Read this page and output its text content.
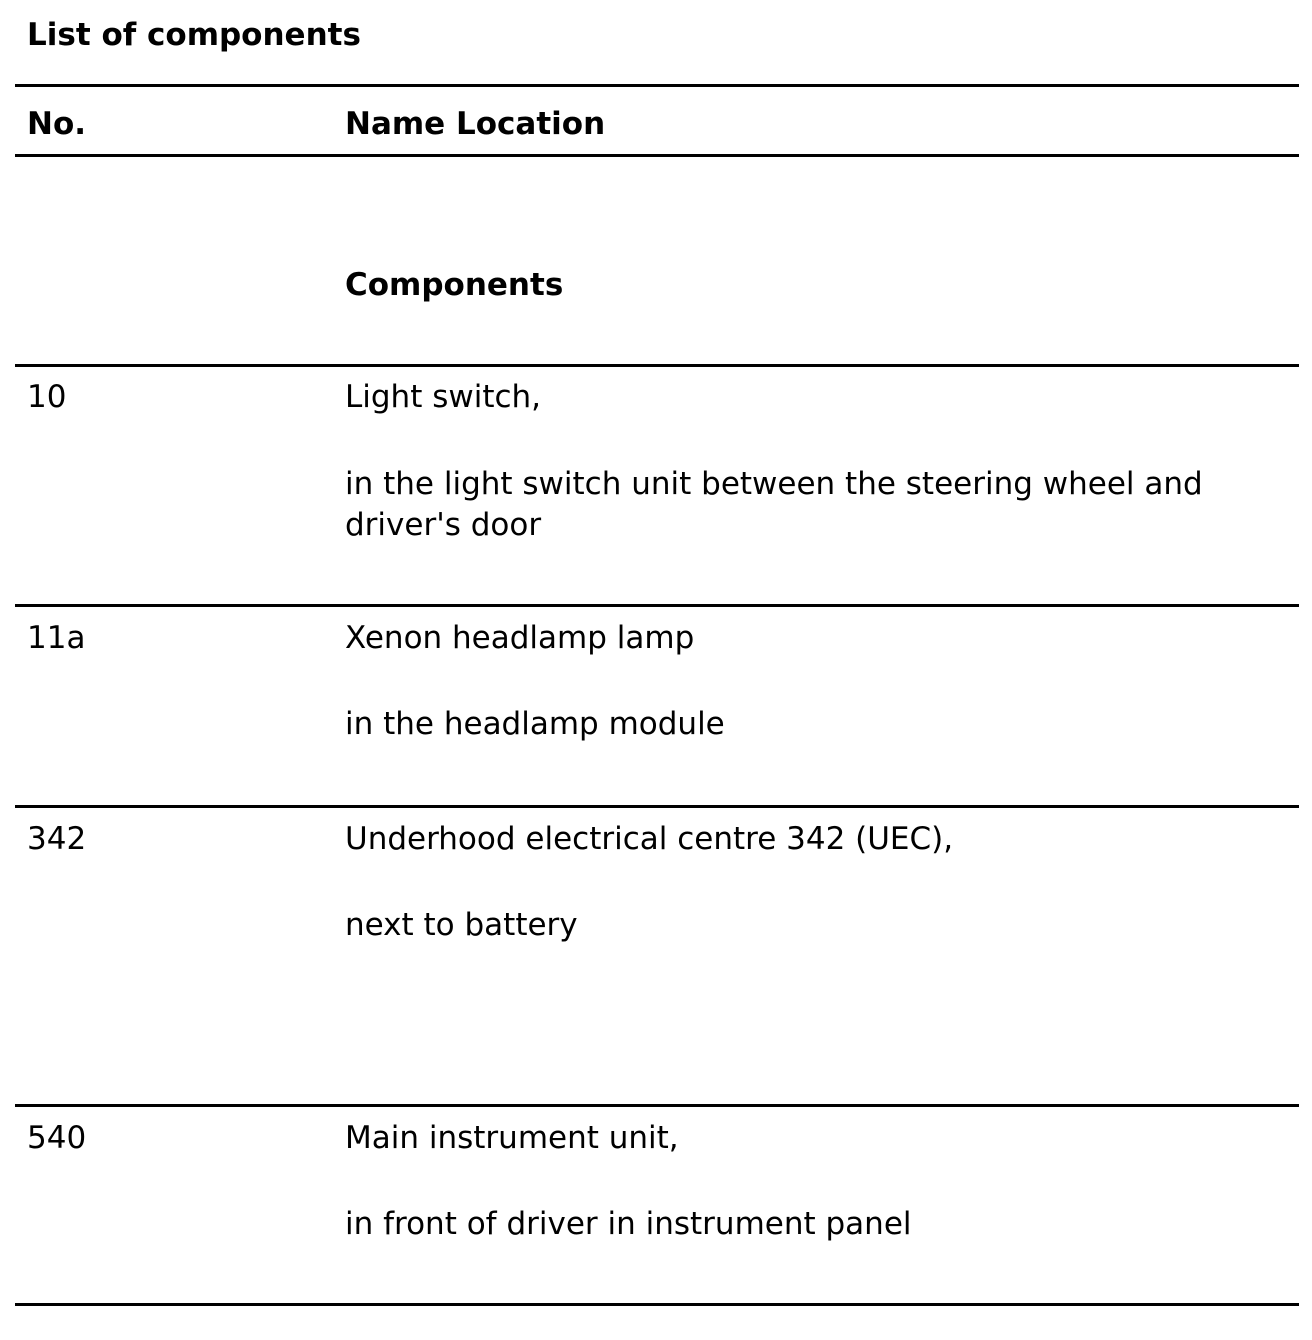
List of components
No.	Name Location
Components
10	Light switch,
in the light switch unit between the steering wheel and driver's door
11a	Xenon headlamp lamp
in the headlamp module
342	Underhood electrical centre 342 (UEC),
next to battery
540	Main instrument unit,
in front of driver in instrument panel
